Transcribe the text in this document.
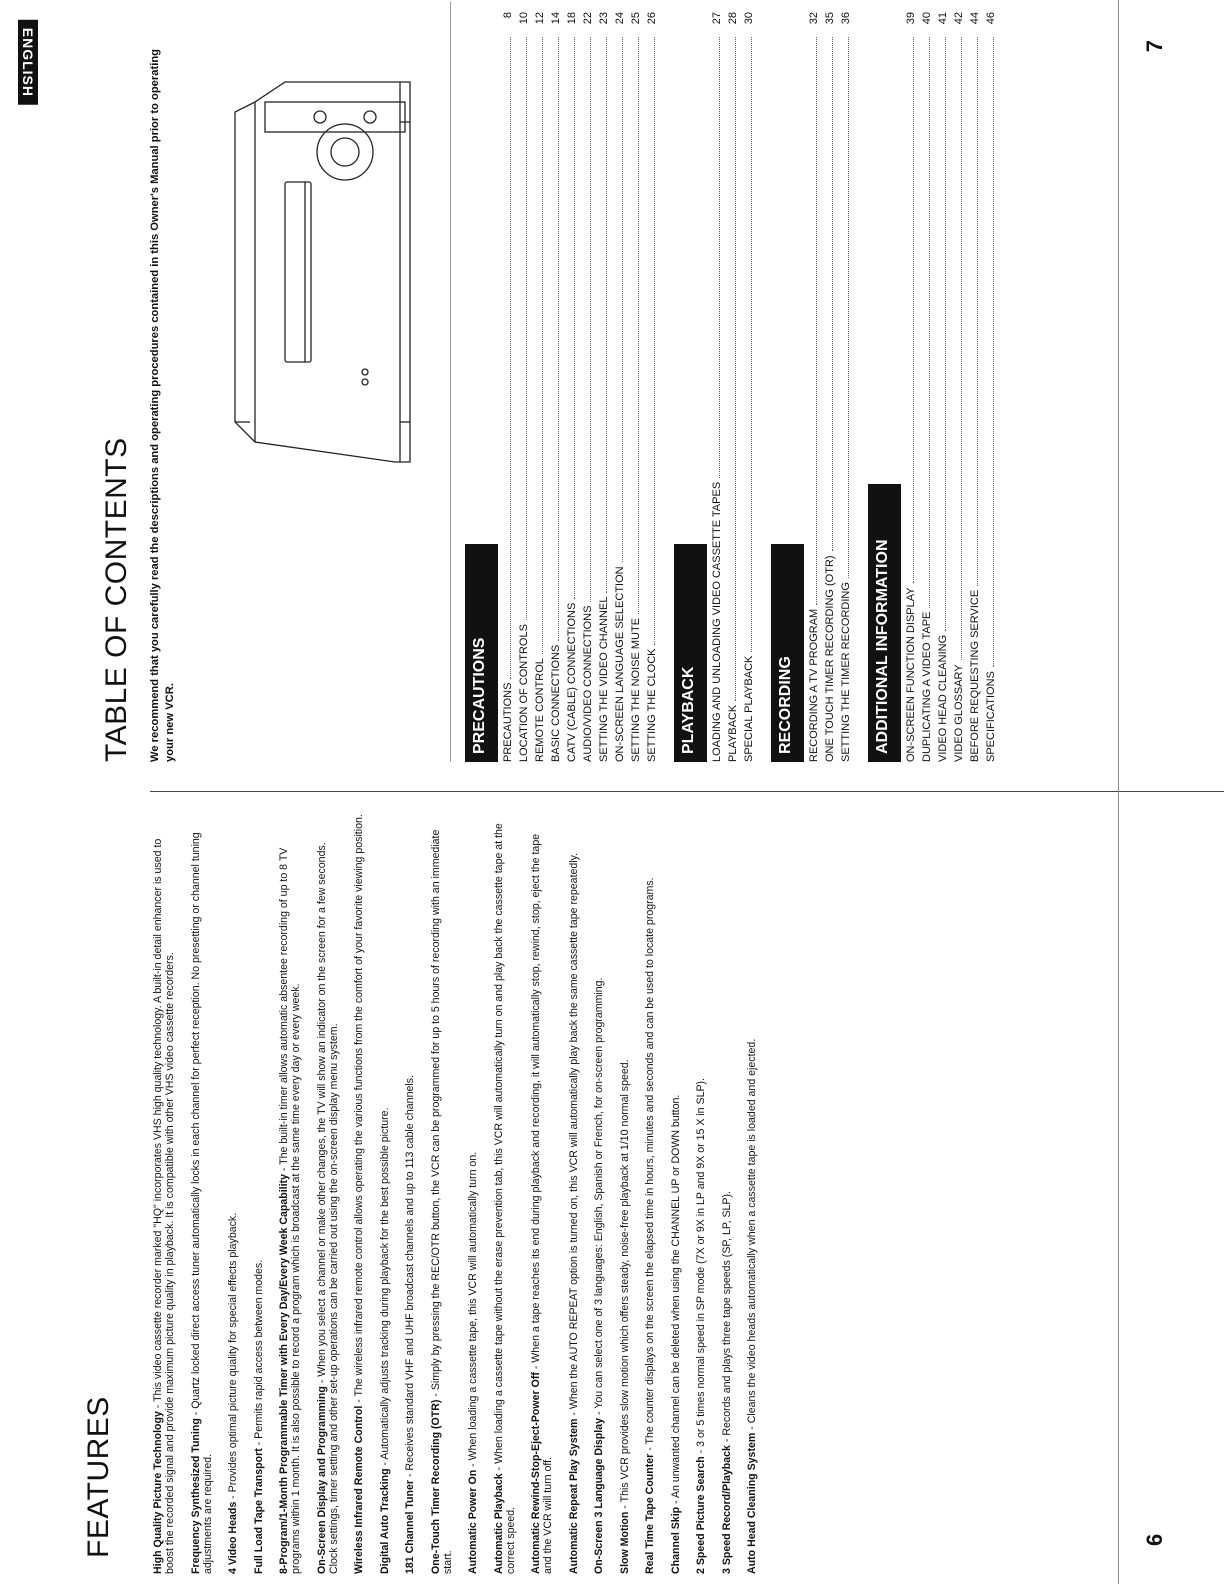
FEATURES	High Quality Picture Technology - This video cassette recorder marked "HQ" incorporates VHS high quality technology. A built-in detail enhancer is used to boost the recorded signal and provide maximum picture quality in playback. It is compatible with other VHS video cassette recorders. Frequency Synthesized Tuning - Quartz locked direct access tuner automatically locks in each channel for perfect reception. No presetting or channel tuning adjustments are required. 4 Video Heads - Provides optimal picture quality for special effects playback.

Full Load Tape Transport - Permits rapid access between modes. 8-Program/1-Month Programmable Timer with Every Day/Every Week Capability - The built-in timer allows automatic absentee recording of up to 8 TV programs within 1 month. It is also possible to record a program which is broadcast at the same time every day or every week. On-Screen Display and Programming - When you select a channel or make other changes, the TV will show an indicator on the screen for a few seconds. Clock settings, timer setting and other set-up operations can be carried out using the on-screen display menu system. Wireless Infrared Remote Control - The wireless infrared remote control allows operating the various functions from the comfort of your favorite viewing position.

Digital Auto Tracking - Automatically adjusts tracking during playback for the best possible picture.

181 Channel Tuner - Receives standard VHF and UHF broadcast channels and up to 113 cable channels.

One-Touch Timer Recording (OTR) - Simply by pressing the REC/OTR button, the VCR can be programmed for up to 5 hours of recording with an immediate start. Automatic Power On - When loading a cassette tape, this VCR will automatically turn on.

Automatic Playback - When loading a cassette tape without the erase prevention tab, this VCR will automatically turn on and play back the cassette tape at the correct speed. Automatic Rewind-Stop-Eject-Power Off - When a tape reaches its end during playback and recording, it will automatically stop, rewind, stop, eject the tape and the VCR will turn off. Automatic Repeat Play System - When the AUTO REPEAT option is turned on, this VCR will automatically play back the same cassette tape repeatedly.

On-Screen 3 Language Display - You can select one of 3 languages: English, Spanish or French, for on-screen programming.

Slow Motion - This VCR provides slow motion which offers steady, noise-free playback at 1/10 normal speed.

Real Time Tape Counter - The counter displays on the screen the elapsed time in hours, minutes and seconds and can be used to locate programs.

Channel Skip - An unwanted channel can be deleted when using the CHANNEL UP or DOWN button.

2 Speed Picture Search - 3 or 5 times normal speed in SP mode (7X or 9X in LP and 9X or 15 X in SLP).

3 Speed Record/Playback - Records and plays three tape speeds (SP, LP, SLP).

Auto Head Cleaning System - Cleans the video heads automatically when a cassette tape is loaded and ejected.

6
ENGLISH
TABLE OF CONTENTS We recommend that you carefully read the descriptions and operating procedures contained in this Owner's Manual prior to operating your new VCR.	PRECAUTIONS PRECAUTIONS
8
LOCATION OF CONTROLS
10
REMOTE CONTROL
12
BASIC CONNECTIONS
14
CATV (CABLE) CONNECTIONS
18
AUDIO/VIDEO CONNECTIONS
22
SETTING THE VIDEO CHANNEL
23
ON-SCREEN LANGUAGE SELECTION
24
SETTING THE NOISE MUTE
25
SETTING THE CLOCK
26
PLAYBACK LOADING AND UNLOADING VIDEO CASSETTE TAPES
27
PLAYBACK
28
SPECIAL PLAYBACK
30
RECORDING RECORDING A TV PROGRAM
32
ONE TOUCH TIMER RECORDING (OTR)
35
SETTING THE TIMER RECORDING
36
ADDITIONAL INFORMATION ON-SCREEN FUNCTION DISPLAY
39
DUPLICATING A VIDEO TAPE
40
VIDEO HEAD CLEANING
41
VIDEO GLOSSARY
42
BEFORE REQUESTING SERVICE
44
SPECIFICATIONS
46
7
